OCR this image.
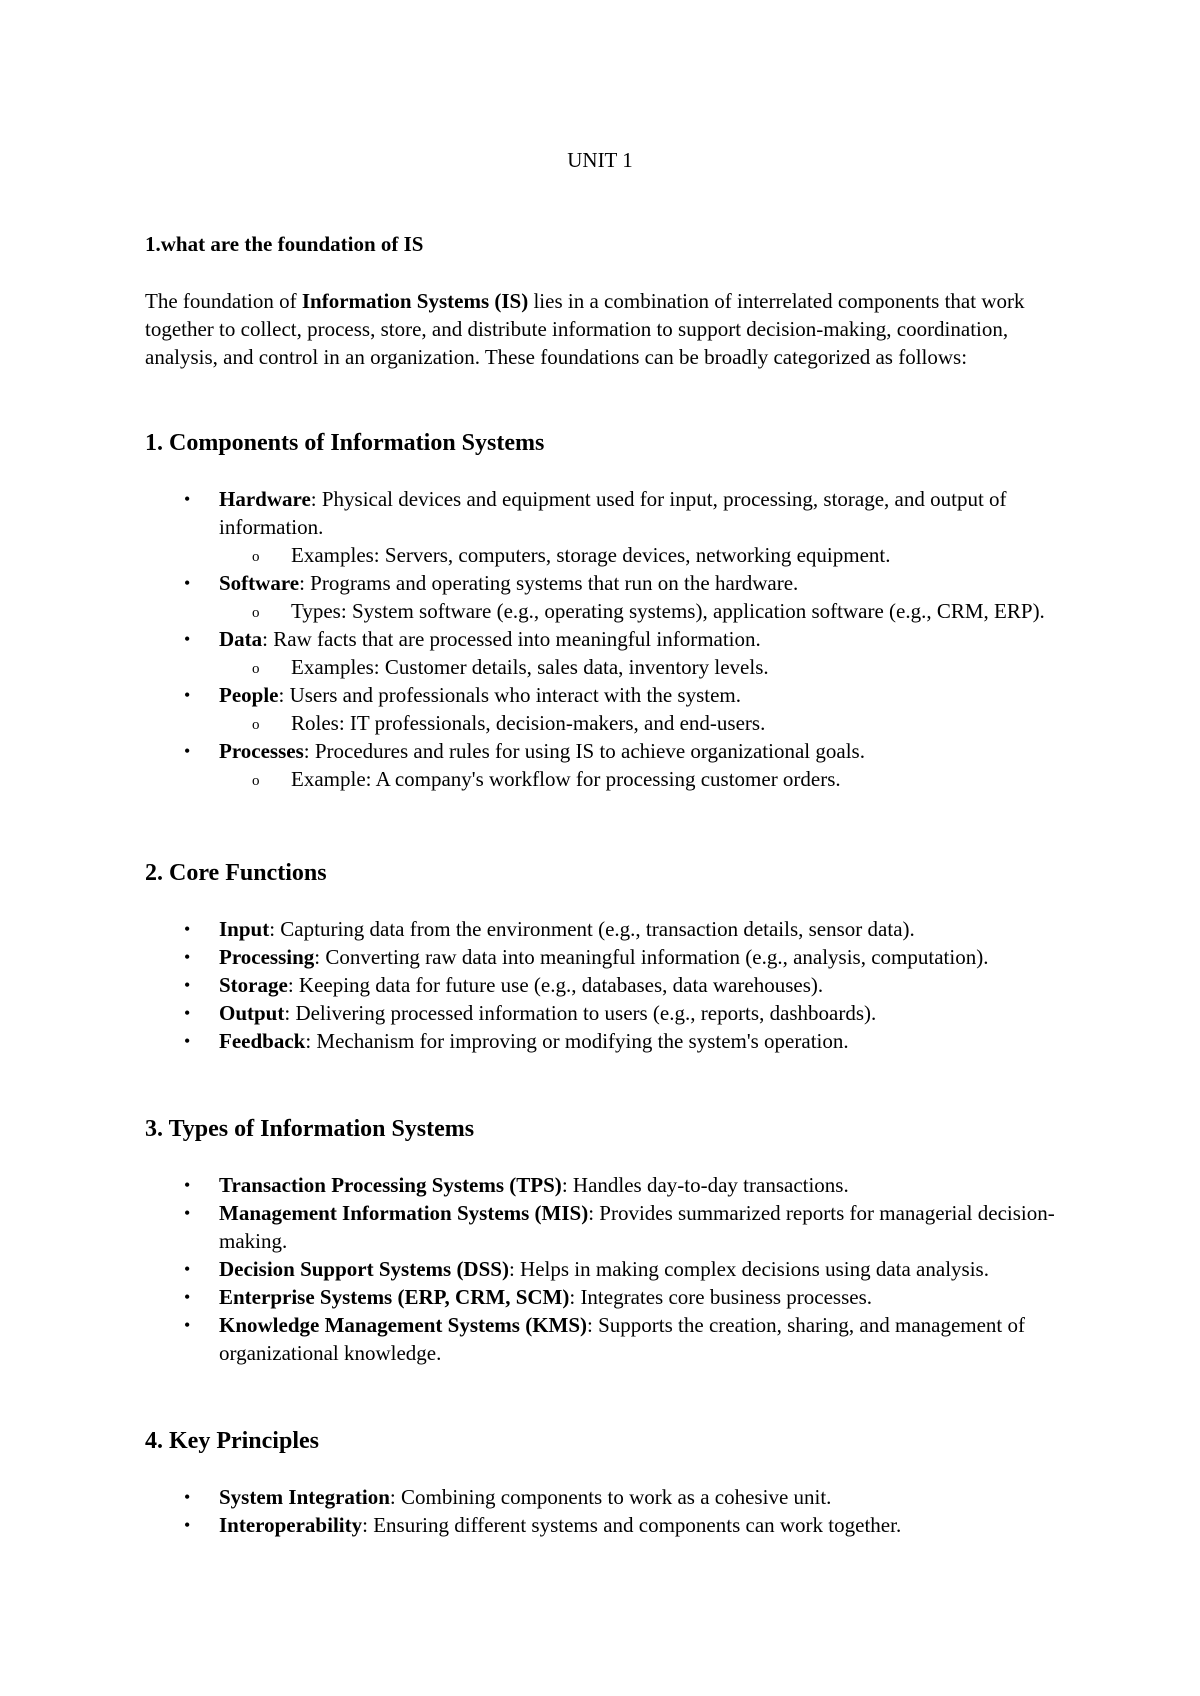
UNIT 1
1.what are the foundation of IS

The foundation of Information Systems (IS) lies in a combination of interrelated components that work together to collect, process, store, and distribute information to support decision-making, coordination, analysis, and control in an organization. These foundations can be broadly categorized as follows:

1. Components of Information Systems
• Hardware: Physical devices and equipment used for input, processing, storage, and output of information.
o Examples: Servers, computers, storage devices, networking equipment.
• Software: Programs and operating systems that run on the hardware.
o Types: System software (e.g., operating systems), application software (e.g., CRM, ERP).
• Data: Raw facts that are processed into meaningful information.
o Examples: Customer details, sales data, inventory levels.
• People: Users and professionals who interact with the system.
o Roles: IT professionals, decision-makers, and end-users.
• Processes: Procedures and rules for using IS to achieve organizational goals.
o Example: A company's workflow for processing customer orders.
2. Core Functions
• Input: Capturing data from the environment (e.g., transaction details, sensor data).
• Processing: Converting raw data into meaningful information (e.g., analysis, computation).
• Storage: Keeping data for future use (e.g., databases, data warehouses).
• Output: Delivering processed information to users (e.g., reports, dashboards).
• Feedback: Mechanism for improving or modifying the system's operation.
3. Types of Information Systems
• Transaction Processing Systems (TPS): Handles day-to-day transactions.
• Management Information Systems (MIS): Provides summarized reports for managerial decision-making.
• Decision Support Systems (DSS): Helps in making complex decisions using data analysis.
• Enterprise Systems (ERP, CRM, SCM): Integrates core business processes.
• Knowledge Management Systems (KMS): Supports the creation, sharing, and management of organizational knowledge.
4. Key Principles
• System Integration: Combining components to work as a cohesive unit.
• Interoperability: Ensuring different systems and components can work together.
